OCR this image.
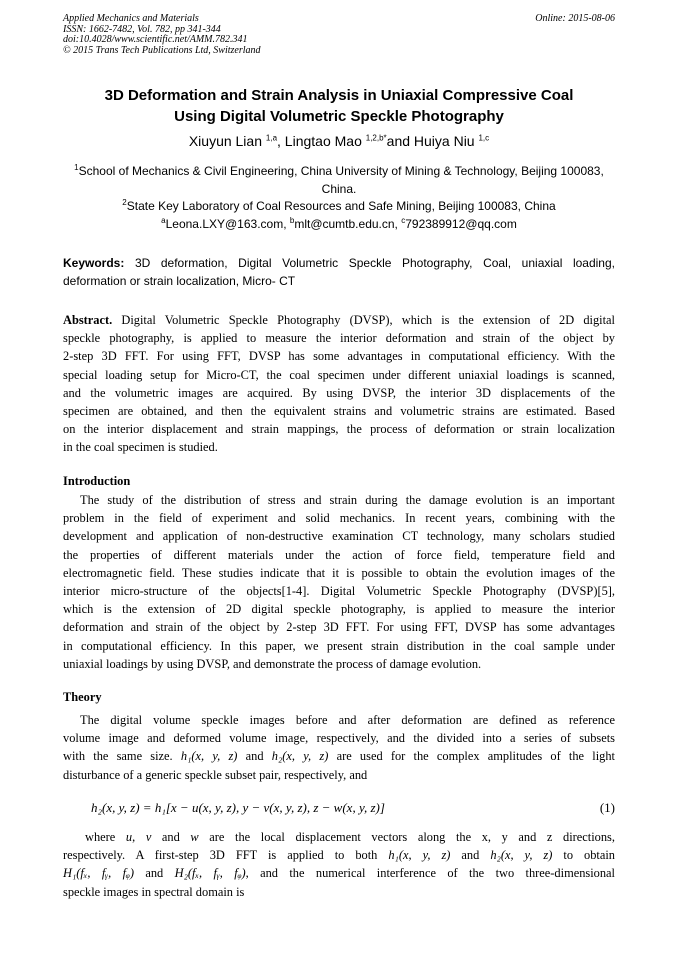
Applied Mechanics and Materials
ISSN: 1662-7482, Vol. 782, pp 341-344
doi:10.4028/www.scientific.net/AMM.782.341
© 2015 Trans Tech Publications Ltd, Switzerland
Online: 2015-08-06
3D Deformation and Strain Analysis in Uniaxial Compressive Coal
Using Digital Volumetric Speckle Photography
Xiuyun Lian $^{1,a}$, Lingtao Mao $^{1,2,b*}$and Huiya Niu $^{1,c}$
$^1$School of Mechanics & Civil Engineering, China University of Mining & Technology, Beijing 100083,
China.
$^2$State Key Laboratory of Coal Resources and Safe Mining, Beijing 100083, China
$^a$Leona.LXY@163.com, $^b$mlt@cumtb.edu.cn, $^c$792389912@qq.com
Keywords: 3D deformation, Digital Volumetric Speckle Photography, Coal, uniaxial loading,
deformation or strain localization, Micro- CT
Abstract. Digital Volumetric Speckle Photography (DVSP), which is the extension of 2D digital
speckle photography, is applied to measure the interior deformation and strain of the object by
2-step 3D FFT. For using FFT, DVSP has some advantages in computational efficiency. With the
special loading setup for Micro-CT, the coal specimen under different uniaxial loadings is scanned,
and the volumetric images are acquired. By using DVSP, the interior 3D displacements of the
specimen are obtained, and then the equivalent strains and volumetric strains are estimated. Based
on the interior displacement and strain mappings, the process of deformation or strain localization
in the coal specimen is studied.
Introduction
The study of the distribution of stress and strain during the damage evolution is an important
problem in the field of experiment and solid mechanics. In recent years, combining with the
development and application of non-destructive examination CT technology, many scholars studied
the properties of different materials under the action of force field, temperature field and
electromagnetic field. These studies indicate that it is possible to obtain the evolution images of the
interior micro-structure of the objects[1-4]. Digital Volumetric Speckle Photography (DVSP)[5],
which is the extension of 2D digital speckle photography, is applied to measure the interior
deformation and strain of the object by 2-step 3D FFT. For using FFT, DVSP has some advantages
in computational efficiency. In this paper, we present strain distribution in the coal sample under
uniaxial loadings by using DVSP, and demonstrate the process of damage evolution.
Theory
The digital volume speckle images before and after deformation are defined as reference
volume image and deformed volume image, respectively, and the divided into a series of subsets
with the same size. h₁(x, y, z) and h₂(x, y, z) are used for the complex amplitudes of the light
disturbance of a generic speckle subset pair, respectively, and
h₂(x, y, z) = h₁[x − u(x, y, z), y − v(x, y, z), z − w(x, y, z)]	(1)
where u, v and w are the local displacement vectors along the x, y and z directions,
respectively. A first-step 3D FFT is applied to both h₁(x, y, z) and h₂(x, y, z) to obtain
H₁(fₓ, fᵧ, fᵩ) and H₂(fₓ, fᵧ, fᵩ), and the numerical interference of the two three-dimensional
speckle images in spectral domain is
